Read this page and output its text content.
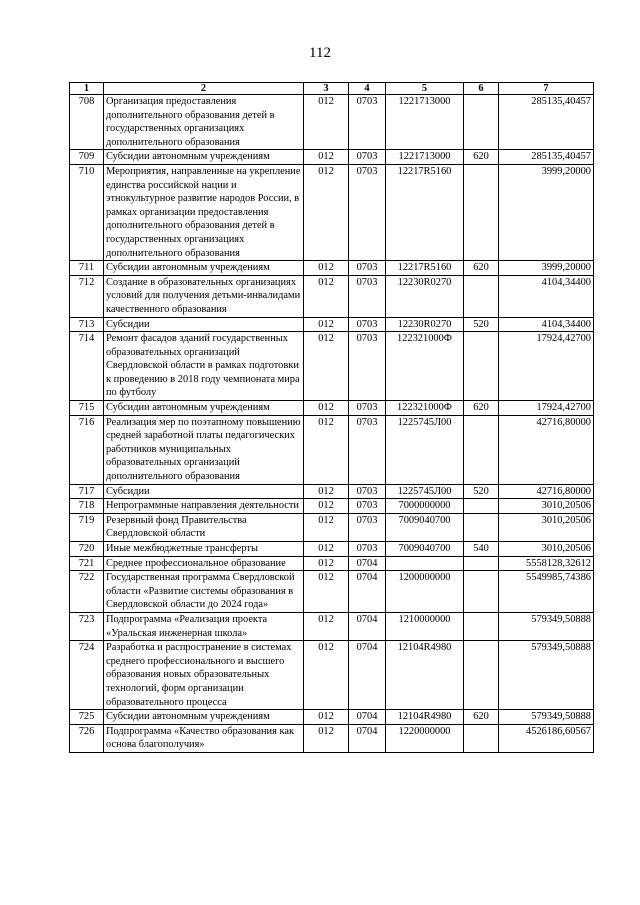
112
1	2	3	4	5	6	7
708	Организация предоставления дополнительного образования детей в государственных организациях дополнительного образования	012	0703	1221713000		285135,40457
709	Субсидии автономным учреждениям	012	0703	1221713000	620	285135,40457
710	Мероприятия, направленные на укрепление единства российской нации и этнокультурное развитие народов России, в рамках организации предоставления дополнительного образования детей в государственных организациях дополнительного образования	012	0703	12217R5160		3999,20000
711	Субсидии автономным учреждениям	012	0703	12217R5160	620	3999,20000
712	Создание в образовательных организациях условий для получения детьми-инвалидами качественного образования	012	0703	12230R0270		4104,34400
713	Субсидии	012	0703	12230R0270	520	4104,34400
714	Ремонт фасадов зданий государственных образовательных организаций Свердловской области в рамках подготовки к проведению в 2018 году чемпионата мира по футболу	012	0703	122321000Ф		17924,42700
715	Субсидии автономным учреждениям	012	0703	122321000Ф	620	17924,42700
716	Реализация мер по поэтапному повышению средней заработной платы педагогических работников муниципальных образовательных организаций дополнительного образования	012	0703	1225745Л00		42716,80000
717	Субсидии	012	0703	1225745Л00	520	42716,80000
718	Непрограммные направления деятельности	012	0703	7000000000		3010,20506
719	Резервный фонд Правительства Свердловской области	012	0703	7009040700		3010,20506
720	Иные межбюджетные трансферты	012	0703	7009040700	540	3010,20506
721	Среднее профессиональное образование	012	0704			5558128,32612
722	Государственная программа Свердловской области «Развитие системы образования в Свердловской области до 2024 года»	012	0704	1200000000		5549985,74386
723	Подпрограмма «Реализация проекта «Уральская инженерная школа»	012	0704	1210000000		579349,50888
724	Разработка и распространение в системах среднего профессионального и высшего образования новых образовательных технологий, форм организации образовательного процесса	012	0704	12104R4980		579349,50888
725	Субсидии автономным учреждениям	012	0704	12104R4980	620	579349,50888
726	Подпрограмма «Качество образования как основа благополучия»	012	0704	1220000000		4526186,60567
